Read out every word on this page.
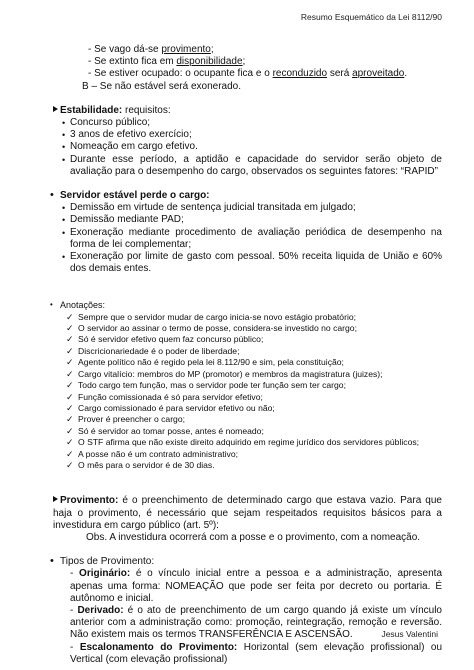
Resumo Esquemático da Lei 8112/90
- Se vago dá-se provimento;
- Se extinto fica em disponibilidade;
- Se estiver ocupado: o ocupante fica e o reconduzido será aproveitado.
B – Se não estável será exonerado.
Estabilidade: requisitos:
• Concurso público;
• 3 anos de efetivo exercício;
• Nomeação em cargo efetivo.
• Durante esse período, a aptidão e capacidade do servidor serão objeto de avaliação para o desempenho do cargo, observados os seguintes fatores: “RAPID”
• Servidor estável perde o cargo:
• Demissão em virtude de sentença judicial transitada em julgado;
• Demissão mediante PAD;
• Exoneração mediante procedimento de avaliação periódica de desempenho na forma de lei complementar;
• Exoneração por limite de gasto com pessoal. 50% receita liquida de União e 60% dos demais entes.
• Anotações:
✓ Sempre que o servidor mudar de cargo inicia-se novo estágio probatório;
✓ O servidor ao assinar o termo de posse, considera-se investido no cargo;
✓ Só é servidor efetivo quem faz concurso público;
✓ Discricionariedade é o poder de liberdade;
✓ Agente político não é regido pela lei 8.112/90 e sim, pela constituição;
✓ Cargo vitalício: membros do MP (promotor) e membros da magistratura (juizes);
✓ Todo cargo tem função, mas o servidor pode ter função sem ter cargo;
✓ Função comissionada é só para servidor efetivo;
✓ Cargo comissionado é para servidor efetivo ou não;
✓ Prover é preencher o cargo;
✓ Só é servidor ao tomar posse, antes é nomeado;
✓ O STF afirma que não existe direito adquirido em regime jurídico dos servidores públicos;
✓ A posse não é um contrato administrativo;
✓ O mês para o servidor é de 30 dias.
Provimento: é o preenchimento de determinado cargo que estava vazio. Para que haja o provimento, é necessário que sejam respeitados requisitos básicos para a investidura em cargo público (art. 5º):
Obs. A investidura ocorrerá com a posse e o provimento, com a nomeação.
• Tipos de Provimento:
- Originário: é o vínculo inicial entre a pessoa e a administração, apresenta apenas uma forma: NOMEAÇÃO que pode ser feita por decreto ou portaria. É autônomo e inicial.
- Derivado: é o ato de preenchimento de um cargo quando já existe um vínculo anterior com a administração como: promoção, reintegração, remoção e reversão. Não existem mais os termos TRANSFERÊNCIA E ASCENSÃO.
- Escalonamento do Provimento: Horizontal (sem elevação profissional) ou Vertical (com elevação profissional)
Jesus Valentini
